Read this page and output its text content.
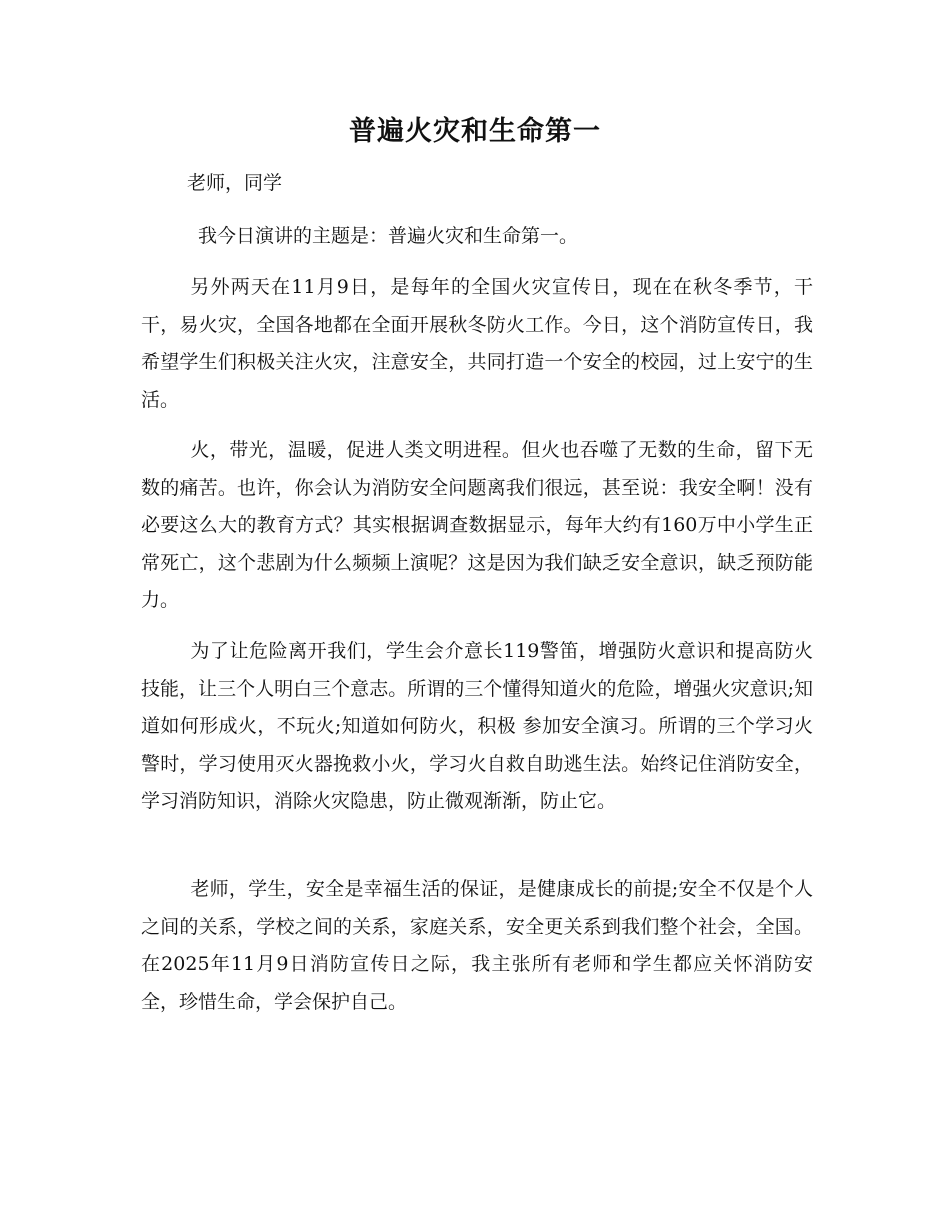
普遍火灾和生命第一

老师，同学

我今日演讲的主题是：普遍火灾和生命第一。

另外两天在11月9日，是每年的全国火灾宣传日，现在在秋冬季节，干干，易火灾，全国各地都在全面开展秋冬防火工作。今日，这个消防宣传日，我希望学生们积极关注火灾，注意安全，共同打造一个安全的校园，过上安宁的生活。

火，带光，温暖，促进人类文明进程。但火也吞噬了无数的生命，留下无数的痛苦。也许，你会认为消防安全问题离我们很远，甚至说：我安全啊！没有必要这么大的教育方式？其实根据调查数据显示，每年大约有160万中小学生正常死亡，这个悲剧为什么频频上演呢？这是因为我们缺乏安全意识，缺乏预防能力。

为了让危险离开我们，学生会介意长119警笛，增强防火意识和提高防火技能，让三个人明白三个意志。所谓的三个懂得知道火的危险，增强火灾意识;知道如何形成火，不玩火;知道如何防火，积极 参加安全演习。所谓的三个学习火警时，学习使用灭火器挽救小火，学习火自救自助逃生法。始终记住消防安全，学习消防知识，消除火灾隐患，防止微观渐渐，防止它。

老师，学生，安全是幸福生活的保证，是健康成长的前提;安全不仅是个人之间的关系，学校之间的关系，家庭关系，安全更关系到我们整个社会，全国。在2025年11月9日消防宣传日之际，我主张所有老师和学生都应关怀消防安全，珍惜生命，学会保护自己。
